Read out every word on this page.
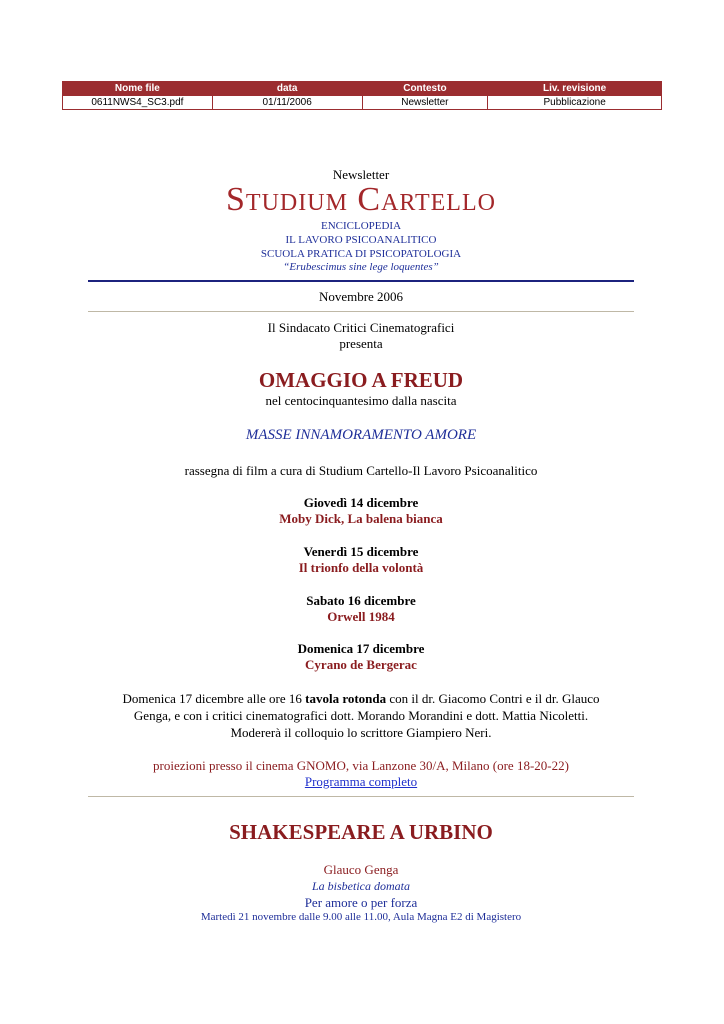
Nome file	data	Contesto	Liv. revisione
0611NWS4_SC3.pdf	01/11/2006	Newsletter	Pubblicazione
Newsletter
Studium Cartello
ENCICLOPEDIA
IL LAVORO PSICOANALITICO
SCUOLA PRATICA DI PSICOPATOLOGIA
“Erubescimus sine lege loquentes”
Novembre 2006
Il Sindacato Critici Cinematografici
presenta
OMAGGIO A FREUD
nel centocinquantesimo dalla nascita
MASSE INNAMORAMENTO AMORE
rassegna di film a cura di Studium Cartello-Il Lavoro Psicoanalitico
Giovedì 14 dicembre
Moby Dick, La balena bianca
Venerdì 15 dicembre
Il trionfo della volontà
Sabato 16 dicembre
Orwell 1984
Domenica 17 dicembre
Cyrano de Bergerac
Domenica 17 dicembre alle ore 16 tavola rotonda con il dr. Giacomo Contri e il dr. Glauco
Genga, e con i critici cinematografici dott. Morando Morandini e dott. Mattia Nicoletti.
Modererà il colloquio lo scrittore Giampiero Neri.
proiezioni presso il cinema GNOMO, via Lanzone 30/A, Milano (ore 18-20-22)
Programma completo
SHAKESPEARE A URBINO
Glauco Genga
La bisbetica domata
Per amore o per forza
Martedì 21 novembre dalle 9.00 alle 11.00, Aula Magna E2 di Magistero
